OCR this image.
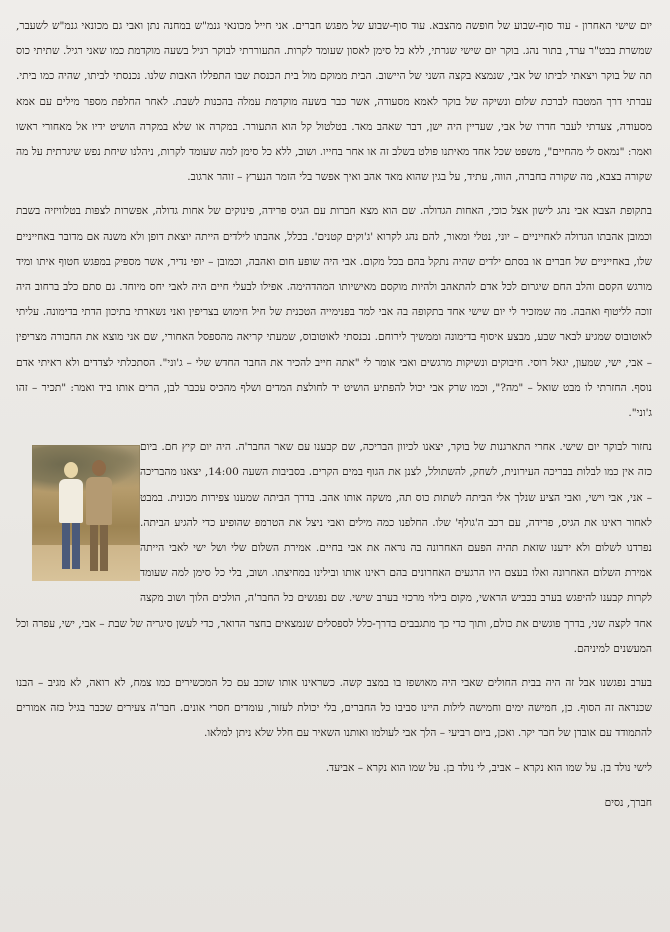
יום שישי האחרון - עוד סוף-שבוע של חופשה מהצבא. עוד סוף-שבוע של מפגש חברים. אני חייל מכונאי גנמ"ש במחנה נתן ואבי גם מכונאי גנמ"ש לשעבר, שמשרת בבט"ר ערד, בתור נהג. בוקר יום שישי שגרתי, ללא כל סימן לאסון שעומד לקרות. התעוררתי לבוקר רגיל בשעה מוקדמת כמו שאני רגיל. שתיתי כוס תה של בוקר ויצאתי לביתו של אבי, שנמצא בקצה השני של היישוב. הבית ממוקם מול בית הכנסת שבו התפללו האבות שלנו. נכנסתי לביתו, שהיה כמו ביתי. עברתי דרך המטבח לברכת שלום ונשיקה של בוקר לאמא מסעודה, אשר כבר בשעה מוקדמת עמלה בהכנות לשבת. לאחר החלפת מספר מילים עם אמא מסעודה, צעדתי לעבר חדרו של אבי, שעדיין היה ישן, דבר שאהב מאד. בטלטול קל הוא התעורר. במקרה או שלא במקרה הושיט ידיו אל מאחורי ראשו ואמר: "נמאס לי מהחיים", משפט שכל אחד מאיתנו פולט בשלב זה או אחר בחייו. ושוב, ללא כל סימן למה שעומד לקרות, ניהלנו שיחת נפש שיגרתית על מה שקורה בצבא, מה שקורה בחברה, הווה, עתיד, על בגין שהוא מאד אהב ואיך אפשר בלי הזמר הנערץ – זוהר ארגוב.

בתקופת הצבא אבי נהג לישון אצל כוכי, האחות הגדולה. שם הוא מצא חברות עם הגיס פרידה, פינוקים של אחות גדולה, אפשרות לצפות בטלוויזיה בשבת וכמובן אהבתו הגדולה לאחייניים – יוני, נטלי ומאור, להם נהג לקרוא 'ג'וקים קטנים'. בכלל, אהבתו לילדים הייתה יוצאת דופן ולא משנה אם מדובר באחייניים שלו, באחייניים של חברים או בסתם ילדים שהיה נתקל בהם בכל מקום. אבי היה שופע חום ואהבה, וכמובן – יופי נדיר, אשר מספיק במפגש חטוף איתו ומיד מורגש הקסם והלב החם שיגרום לכל אדם להתאהב ולהיות מוקסם מאישיותו המהדהימה. אפילו לבעלי חיים היה לאבי יחס מיוחד. גם סתם כלב ברחוב היה זוכה לליטוף ואהבה. מה שמזכיר לי יום שישי אחד בתקופה בה אבי למד בפנימייה הטכנית של חיל חימוש בצריפין ואני נשארתי בתיכון הדתי בדימונה. עליתי לאוטובוס שמגיע לבאר שבע, מבצע איסוף בדימונה וממשיך לירוחם. נכנסתי לאוטובוס, שמעתי קריאה מהספסל האחורי, שם אני מוצא את החבורה מצריפין – אבי, ישי, שמעון, יגאל רוסי. חיבוקים ונשיקות מרגשים ואבי אומר לי "אתה חייב להכיר את החבר החדש שלי – ג'וני". הסתכלתי לצדדים ולא ראיתי אדם נוסף. החזרתי לו מבט שואל – "מה?", וכמו שרק אבי יכול להפתיע הושיט יד לחולצת המדים ושלף מהכיס עכבר לבן, הרים אותו ביד ואמר: "תכיר – זהו ג'וני".

נחזור לבוקר יום שישי. אחרי התארגנות של בוקר, יצאנו לכיוון הבריכה, שם קבענו עם שאר החבר'ה. היה יום קיץ חם. ביום כזה אין כמו לבלות בבריכה העירונית, לשחק, להשתולל, לצנן את הגוף במים הקרים. בסביבות השעה 14:00, יצאנו מהבריכה – אני, אבי וישי, ואבי הציע שנלך אלי הביתה לשתות כוס תה, משקה אותו אהב. בדרך הביתה שמענו צפירות מכונית. במבט לאחור ראינו את הגיס, פרידה, עם רכב ה'גולף' שלו. החלפנו כמה מילים ואבי ניצל את הטרמפ שהופיע כדי להגיע הביתה. נפרדנו לשלום ולא ידענו שזאת תהיה הפעם האחרונה בה נראה את אבי בחיים. אמירת השלום שלי ושל ישי לאבי הייתה אמירת השלום האחרונה ואלו בעצם היו הרגעים האחרונים בהם ראינו אותו ובילינו במחיצתו. ושוב, בלי כל סימן למה שעומד לקרות קבענו להיפגש בערב בכביש הראשי, מקום בילוי מרכזי בערב שישי. שם נפגשים כל החבר'ה, הולכים הלוך ושוב מקצה אחד לקצה שני, בדרך פוגשים את כולם, ותוך כדי כך מתגבבים בדרך-כלל לספסלים שנמצאים בחצר הדואר, כדי לעשן סיגריה של שבת – אבי, ישי, עפרה וכל המעשנים למיניהם.

בערב נפגשנו אבל זה היה בבית החולים שאבי היה מאושפז בו במצב קשה. כשראינו אותו שוכב עם כל המכשירים כמו צמח, לא רואה, לא מגיב – הבנו שכנראה זה הסוף. כן, חמישה ימים וחמישה לילות היינו סביבו כל החברים, בלי יכולת לעזור, עומדים חסרי אונים. חבר'ה צעירים שכבר בגיל כזה אמורים להתמודד עם אובדן של חבר יקר. ואכן, ביום רביעי – הלך אבי לעולמו ואותנו השאיר עם חלל שלא ניתן למלאו.

לישי נולד בן. על שמו הוא נקרא – אביב, לי נולד בן. על שמו הוא נקרא – אביעד.

חברך, נסים
